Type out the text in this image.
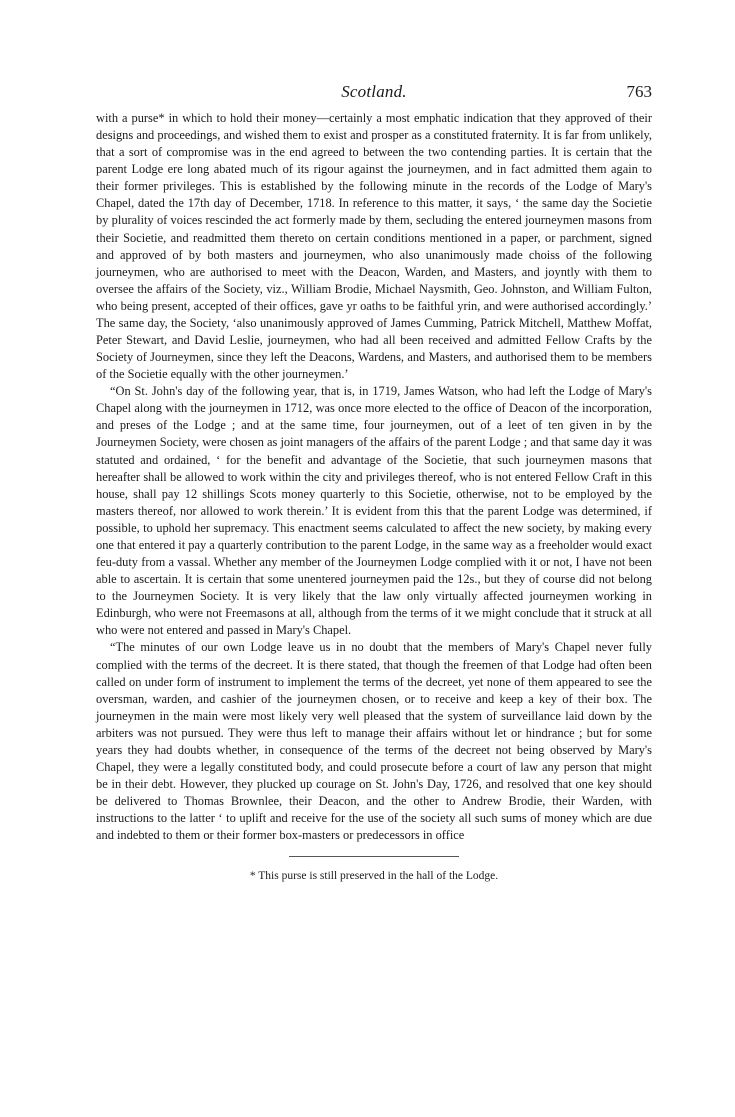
Scotland.	763

with a purse* in which to hold their money—certainly a most emphatic indication that they approved of their designs and proceedings, and wished them to exist and prosper as a constituted fraternity. It is far from unlikely, that a sort of compromise was in the end agreed to between the two contending parties. It is certain that the parent Lodge ere long abated much of its rigour against the journeymen, and in fact admitted them again to their former privileges. This is established by the following minute in the records of the Lodge of Mary's Chapel, dated the 17th day of December, 1718. In reference to this matter, it says, ‘ the same day the Societie by plurality of voices rescinded the act formerly made by them, secluding the entered journeymen masons from their Societie, and readmitted them thereto on certain conditions mentioned in a paper, or parchment, signed and approved of by both masters and journeymen, who also unanimously made choiss of the following journeymen, who are authorised to meet with the Deacon, Warden, and Masters, and joyntly with them to oversee the affairs of the Society, viz., William Brodie, Michael Naysmith, Geo. Johnston, and William Fulton, who being present, accepted of their offices, gave yr oaths to be faithful yrin, and were authorised accordingly.’ The same day, the Society, ‘also unanimously approved of James Cumming, Patrick Mitchell, Matthew Moffat, Peter Stewart, and David Leslie, journeymen, who had all been received and admitted Fellow Crafts by the Society of Journeymen, since they left the Deacons, Wardens, and Masters, and authorised them to be members of the Societie equally with the other journeymen.’

“On St. John's day of the following year, that is, in 1719, James Watson, who had left the Lodge of Mary's Chapel along with the journeymen in 1712, was once more elected to the office of Deacon of the incorporation, and preses of the Lodge ; and at the same time, four journeymen, out of a leet of ten given in by the Journeymen Society, were chosen as joint managers of the affairs of the parent Lodge ; and that same day it was statuted and ordained, ‘ for the benefit and advantage of the Societie, that such journeymen masons that hereafter shall be allowed to work within the city and privileges thereof, who is not entered Fellow Craft in this house, shall pay 12 shillings Scots money quarterly to this Societie, otherwise, not to be employed by the masters thereof, nor allowed to work therein.’ It is evident from this that the parent Lodge was determined, if possible, to uphold her supremacy. This enactment seems calculated to affect the new society, by making every one that entered it pay a quarterly contribution to the parent Lodge, in the same way as a freeholder would exact feu-duty from a vassal. Whether any member of the Journeymen Lodge complied with it or not, I have not been able to ascertain. It is certain that some unentered journeymen paid the 12s., but they of course did not belong to the Journeymen Society. It is very likely that the law only virtually affected journeymen working in Edinburgh, who were not Freemasons at all, although from the terms of it we might conclude that it struck at all who were not entered and passed in Mary's Chapel.

“The minutes of our own Lodge leave us in no doubt that the members of Mary's Chapel never fully complied with the terms of the decreet. It is there stated, that though the freemen of that Lodge had often been called on under form of instrument to implement the terms of the decreet, yet none of them appeared to see the oversman, warden, and cashier of the journeymen chosen, or to receive and keep a key of their box. The journeymen in the main were most likely very well pleased that the system of surveillance laid down by the arbiters was not pursued. They were thus left to manage their affairs without let or hindrance ; but for some years they had doubts whether, in consequence of the terms of the decreet not being observed by Mary's Chapel, they were a legally constituted body, and could prosecute before a court of law any person that might be in their debt. However, they plucked up courage on St. John's Day, 1726, and resolved that one key should be delivered to Thomas Brownlee, their Deacon, and the other to Andrew Brodie, their Warden, with instructions to the latter ‘ to uplift and receive for the use of the society all such sums of money which are due and indebted to them or their former box-masters or predecessors in office

* This purse is still preserved in the hall of the Lodge.
